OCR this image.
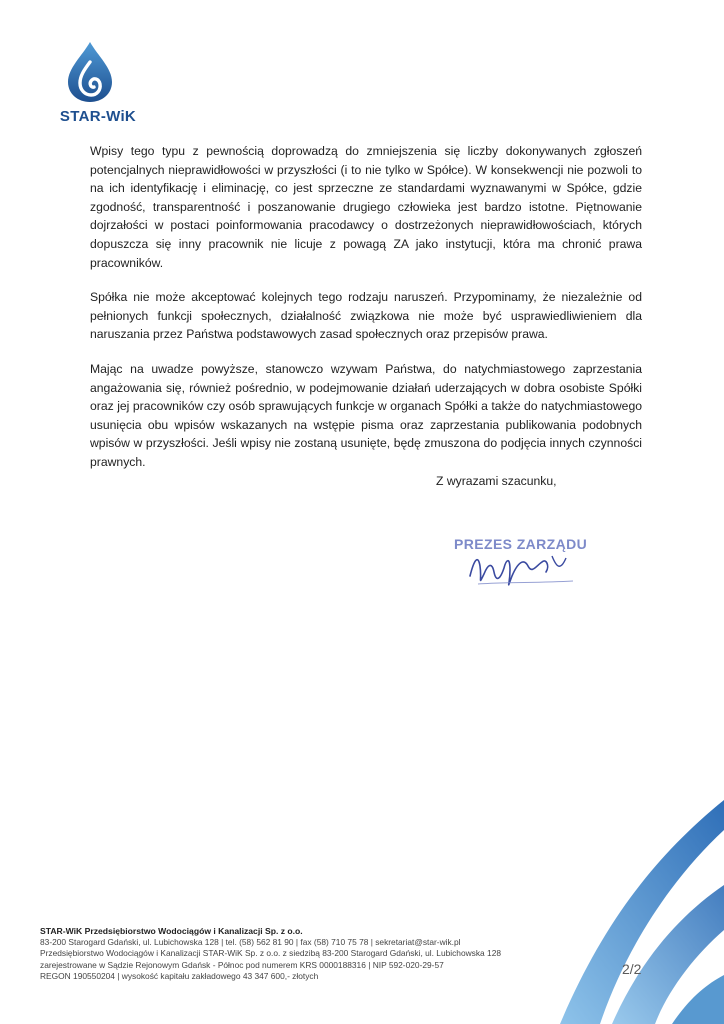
STAR-WiK

Wpisy tego typu z pewnością doprowadzą do zmniejszenia się liczby dokonywanych zgłoszeń potencjalnych nieprawidłowości w przyszłości (i to nie tylko w Spółce). W konsekwencji nie pozwoli to na ich identyfikację i eliminację, co jest sprzeczne ze standardami wyznawanymi w Spółce, gdzie zgodność, transparentność i poszanowanie drugiego człowieka jest bardzo istotne. Piętnowanie dojrzałości w postaci poinformowania pracodawcy o dostrzeżonych nieprawidłowościach, których dopuszcza się inny pracownik nie licuje z powagą ZA jako instytucji, która ma chronić prawa pracowników.

Spółka nie może akceptować kolejnych tego rodzaju naruszeń. Przypominamy, że niezależnie od pełnionych funkcji społecznych, działalność związkowa nie może być usprawiedliwieniem dla naruszania przez Państwa podstawowych zasad społecznych oraz przepisów prawa.

Mając na uwadze powyższe, stanowczo wzywam Państwa, do natychmiastowego zaprzestania angażowania się, również pośrednio, w podejmowanie działań uderzających w dobra osobiste Spółki oraz jej pracowników czy osób sprawujących funkcje w organach Spółki a także do natychmiastowego usunięcia obu wpisów wskazanych na wstępie pisma oraz zaprzestania publikowania podobnych wpisów w przyszłości. Jeśli wpisy nie zostaną usunięte, będę zmuszona do podjęcia innych czynności prawnych.

Z wyrazami szacunku,
PREZES ZARZĄDU
STAR-WiK Przedsiębiorstwo Wodociągów i Kanalizacji Sp. z o.o.
83-200 Starogard Gdański, ul. Lubichowska 128 | tel. (58) 562 81 90 | fax (58) 710 75 78 | sekretariat@star-wik.pl
Przedsiębiorstwo Wodociągów i Kanalizacji STAR-WiK Sp. z o.o. z siedzibą 83-200 Starogard Gdański, ul. Lubichowska 128
zarejestrowane w Sądzie Rejonowym Gdańsk - Północ pod numerem KRS 0000188316 | NIP 592-020-29-57
REGON 190550204 | wysokość kapitału zakładowego 43 347 600,- złotych	2/2
